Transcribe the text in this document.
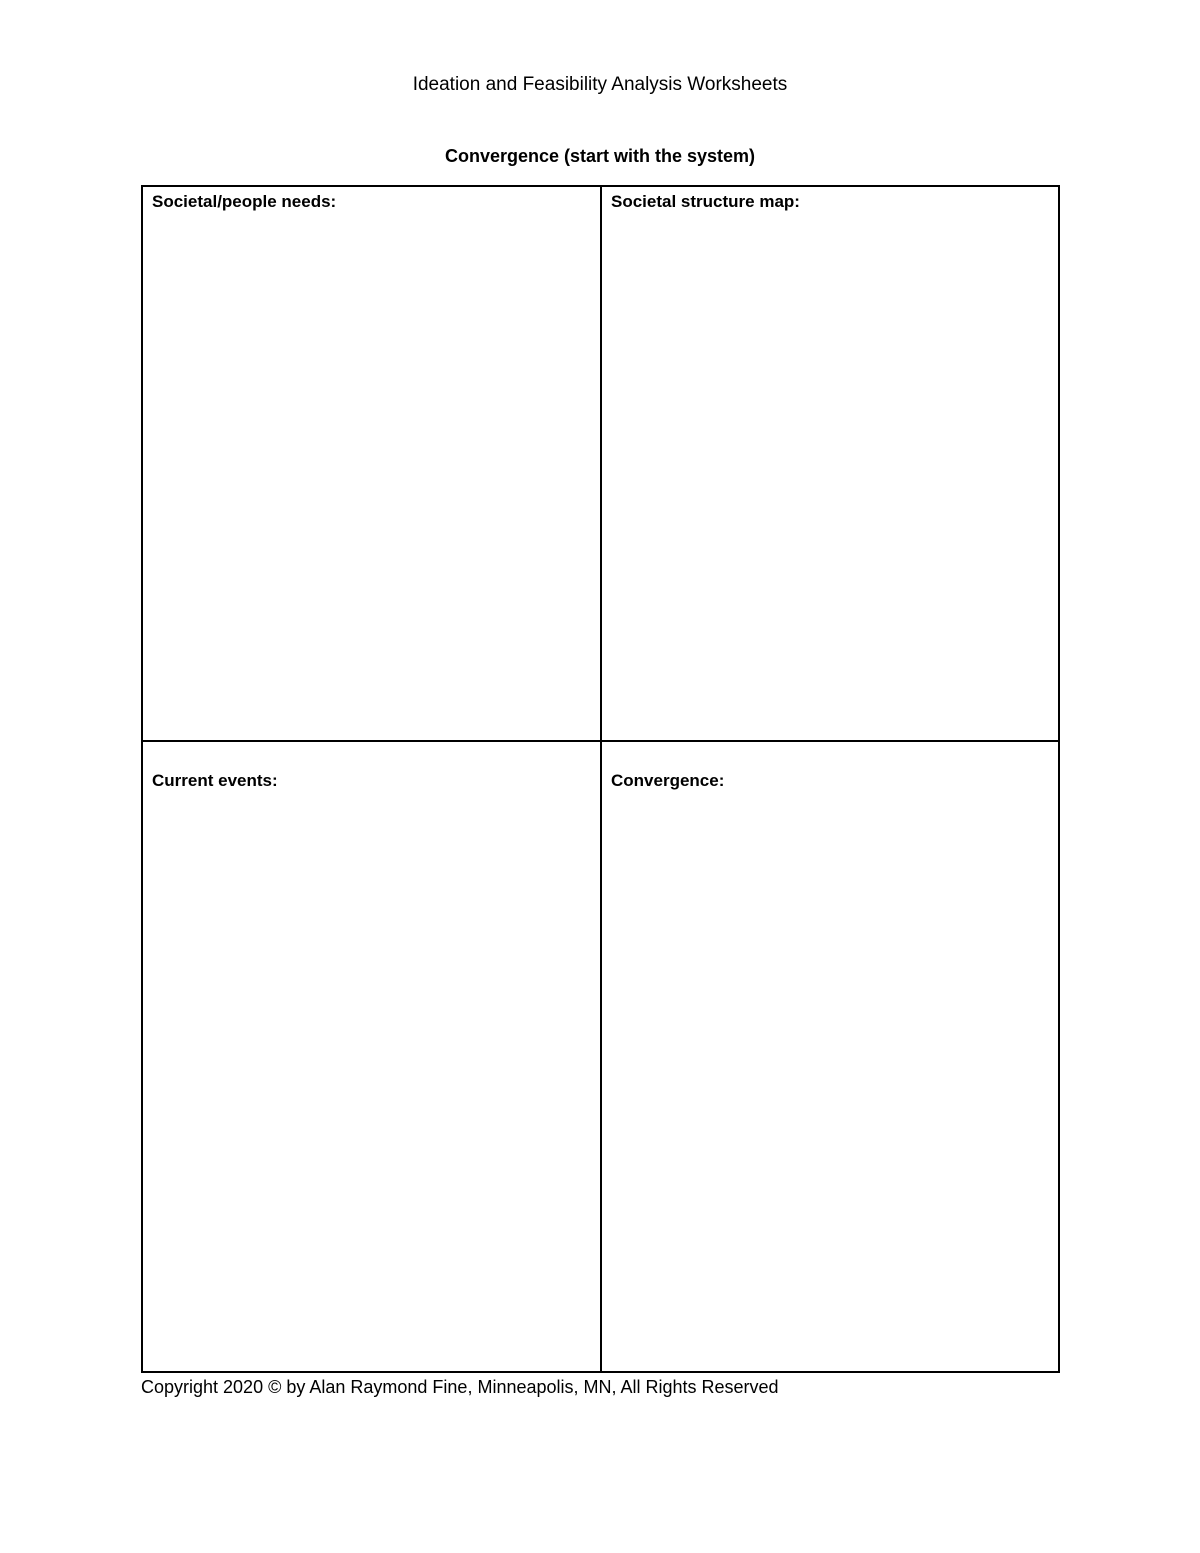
Ideation and Feasibility Analysis Worksheets
Convergence (start with the system)
Societal/people needs:	Societal structure map:
Current events:	Convergence:
Copyright 2020 © by Alan Raymond Fine, Minneapolis, MN, All Rights Reserved
